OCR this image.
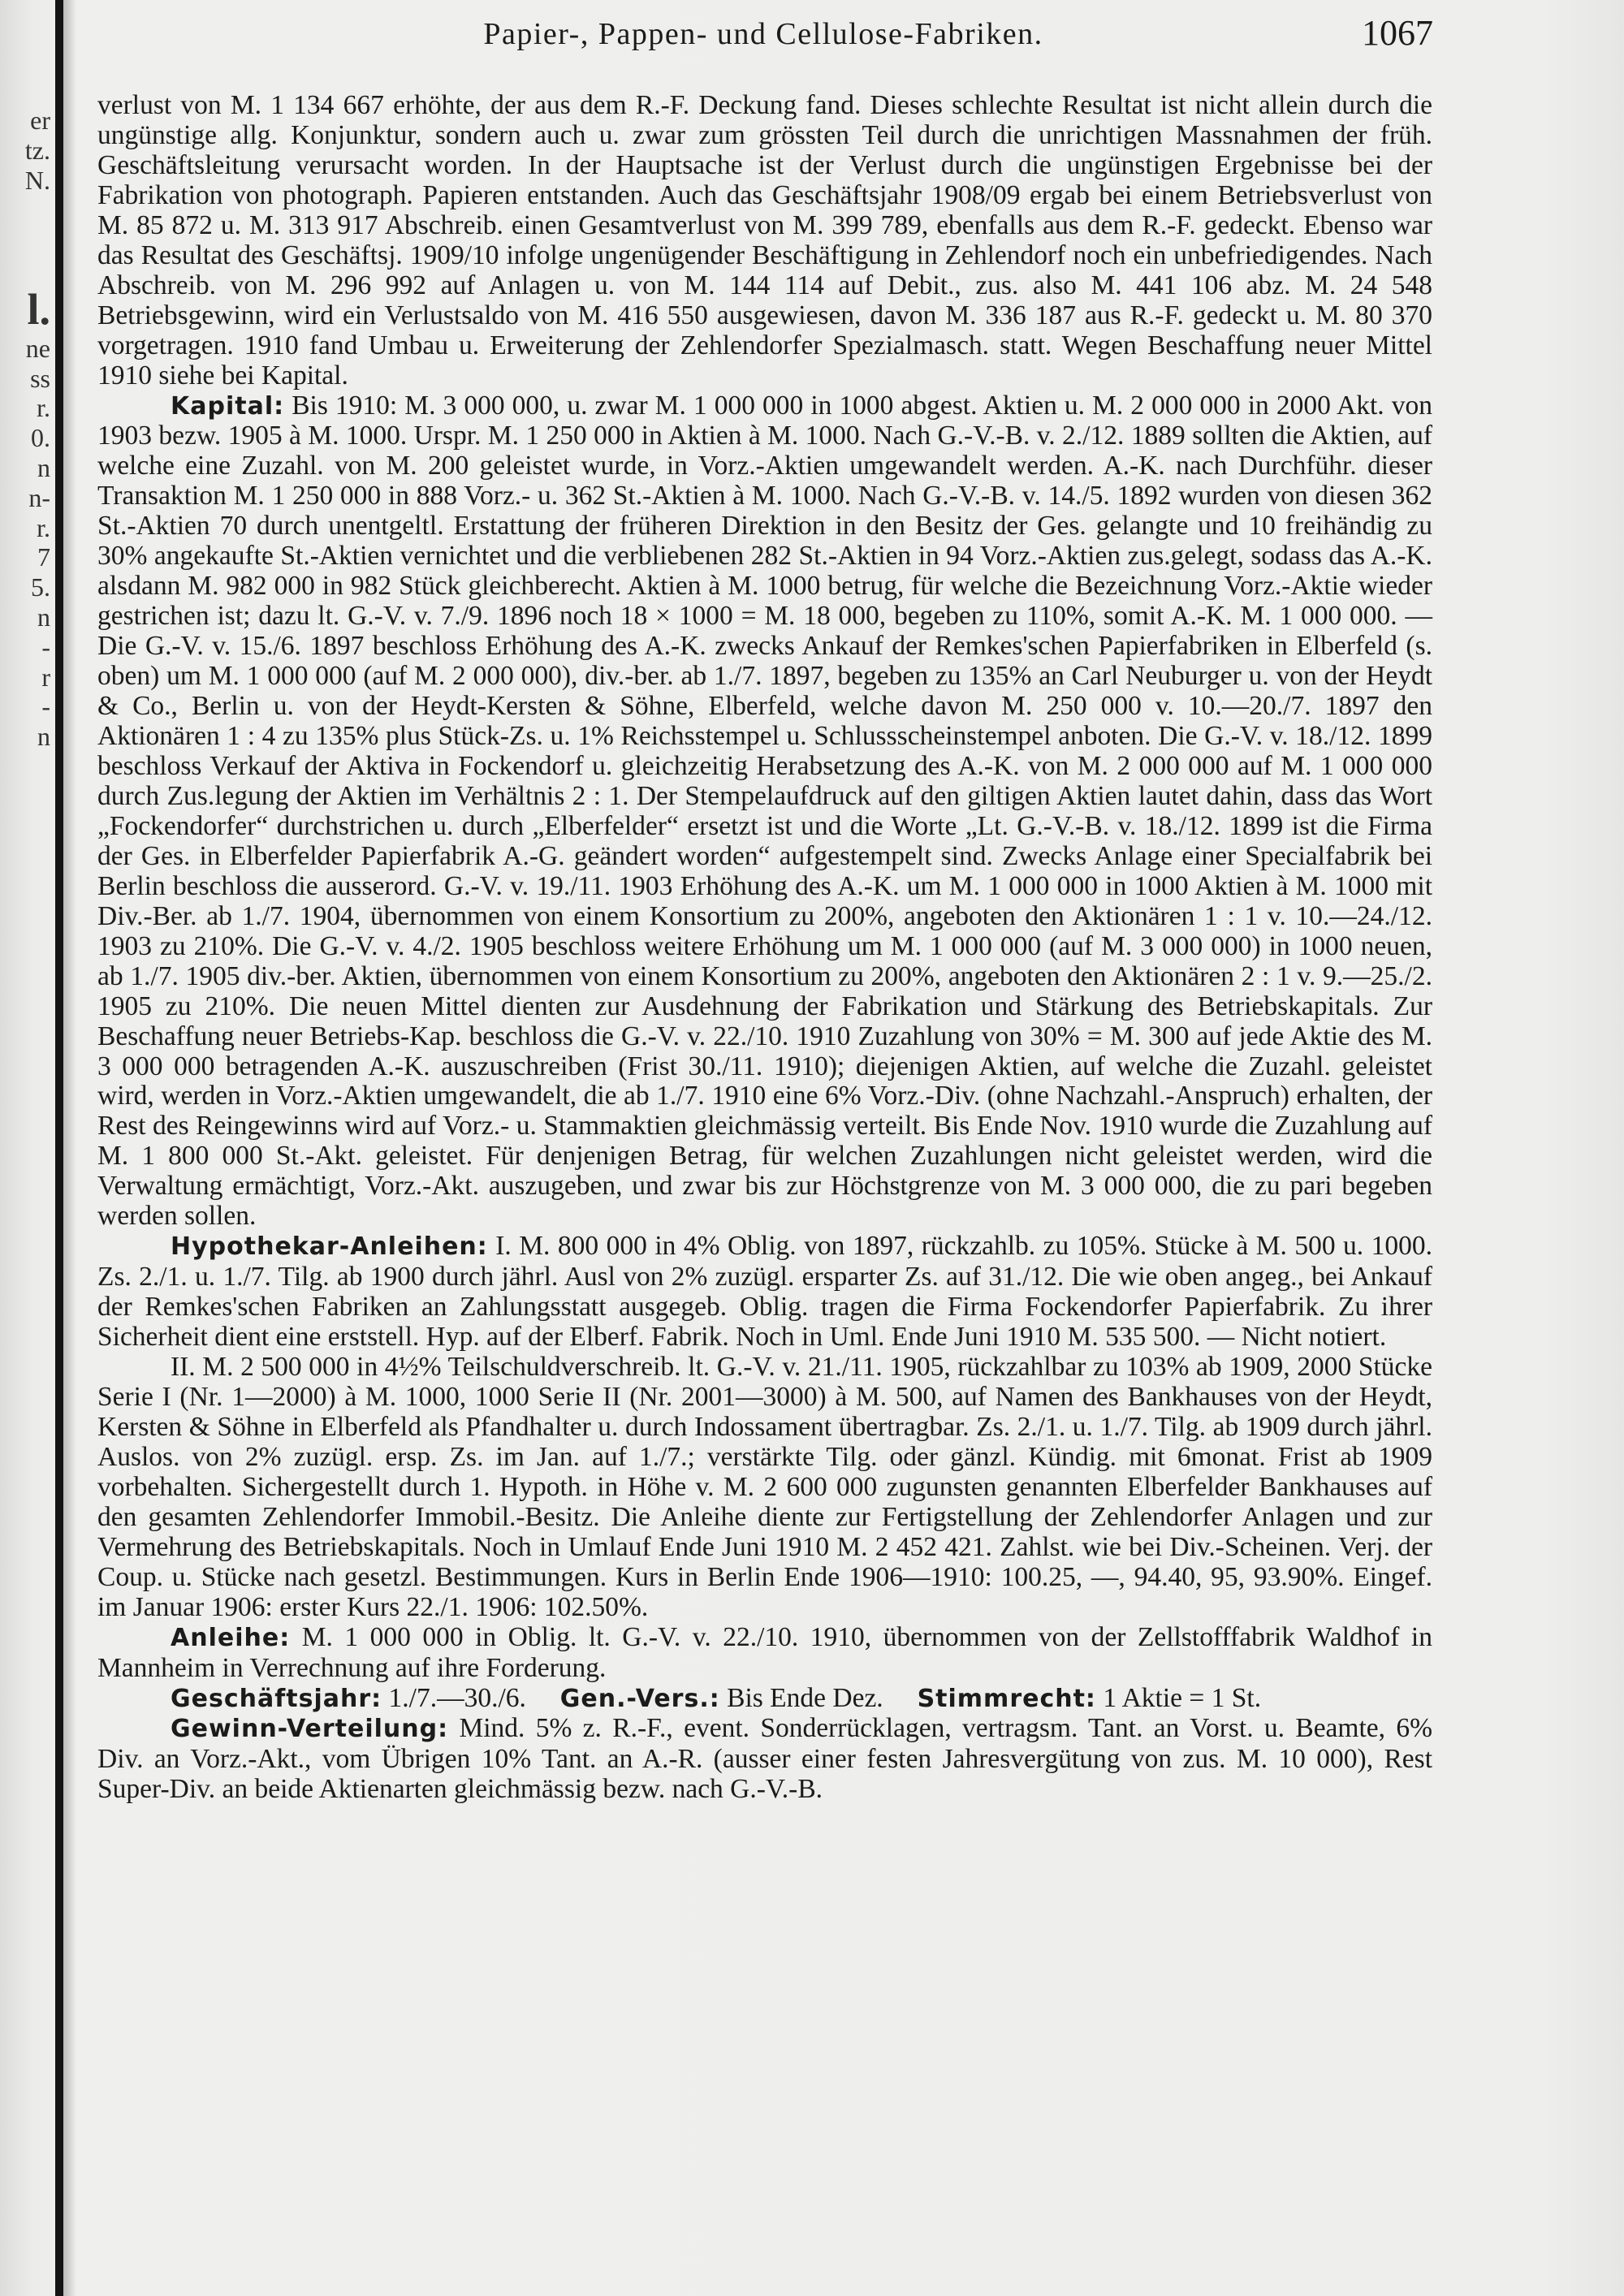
er
tz.
N.
l.
ne
ss
r.
0.
n
n-
r.
7
5.
n
-
r
-
n
Papier-, Pappen- und Cellulose-Fabriken.	1067

verlust von M. 1 134 667 erhöhte, der aus dem R.-F. Deckung fand. Dieses schlechte Resultat ist nicht allein durch die ungünstige allg. Konjunktur, sondern auch u. zwar zum grössten Teil durch die unrichtigen Massnahmen der früh. Geschäftsleitung verursacht worden. In der Hauptsache ist der Verlust durch die ungünstigen Ergebnisse bei der Fabrikation von photograph. Papieren entstanden. Auch das Geschäftsjahr 1908/09 ergab bei einem Betriebsverlust von M. 85 872 u. M. 313 917 Abschreib. einen Gesamtverlust von M. 399 789, ebenfalls aus dem R.-F. gedeckt. Ebenso war das Resultat des Geschäftsj. 1909/10 infolge ungenügender Beschäftigung in Zehlendorf noch ein unbefriedigendes. Nach Abschreib. von M. 296 992 auf Anlagen u. von M. 144 114 auf Debit., zus. also M. 441 106 abz. M. 24 548 Betriebsgewinn, wird ein Verlustsaldo von M. 416 550 ausgewiesen, davon M. 336 187 aus R.-F. gedeckt u. M. 80 370 vorgetragen. 1910 fand Umbau u. Erweiterung der Zehlendorfer Spezialmasch. statt. Wegen Beschaffung neuer Mittel 1910 siehe bei Kapital.

Kapital: Bis 1910: M. 3 000 000, u. zwar M. 1 000 000 in 1000 abgest. Aktien u. M. 2 000 000 in 2000 Akt. von 1903 bezw. 1905 à M. 1000. Urspr. M. 1 250 000 in Aktien à M. 1000. Nach G.-V.-B. v. 2./12. 1889 sollten die Aktien, auf welche eine Zuzahl. von M. 200 geleistet wurde, in Vorz.-Aktien umgewandelt werden. A.-K. nach Durchführ. dieser Transaktion M. 1 250 000 in 888 Vorz.- u. 362 St.-Aktien à M. 1000. Nach G.-V.-B. v. 14./5. 1892 wurden von diesen 362 St.-Aktien 70 durch unentgeltl. Erstattung der früheren Direktion in den Besitz der Ges. gelangte und 10 freihändig zu 30% angekaufte St.-Aktien vernichtet und die verbliebenen 282 St.-Aktien in 94 Vorz.-Aktien zus.gelegt, sodass das A.-K. alsdann M. 982 000 in 982 Stück gleichberecht. Aktien à M. 1000 betrug, für welche die Bezeichnung Vorz.-Aktie wieder gestrichen ist; dazu lt. G.-V. v. 7./9. 1896 noch 18 × 1000 = M. 18 000, begeben zu 110%, somit A.-K. M. 1 000 000. — Die G.-V. v. 15./6. 1897 beschloss Erhöhung des A.-K. zwecks Ankauf der Remkes'schen Papierfabriken in Elberfeld (s. oben) um M. 1 000 000 (auf M. 2 000 000), div.-ber. ab 1./7. 1897, begeben zu 135% an Carl Neuburger u. von der Heydt & Co., Berlin u. von der Heydt-Kersten & Söhne, Elberfeld, welche davon M. 250 000 v. 10.—20./7. 1897 den Aktionären 1 : 4 zu 135% plus Stück-Zs. u. 1% Reichsstempel u. Schlussscheinstempel anboten. Die G.-V. v. 18./12. 1899 beschloss Verkauf der Aktiva in Fockendorf u. gleichzeitig Herabsetzung des A.-K. von M. 2 000 000 auf M. 1 000 000 durch Zus.legung der Aktien im Verhältnis 2 : 1. Der Stempelaufdruck auf den giltigen Aktien lautet dahin, dass das Wort „Fockendorfer“ durchstrichen u. durch „Elberfelder“ ersetzt ist und die Worte „Lt. G.-V.-B. v. 18./12. 1899 ist die Firma der Ges. in Elberfelder Papierfabrik A.-G. geändert worden“ aufgestempelt sind. Zwecks Anlage einer Specialfabrik bei Berlin beschloss die ausserord. G.-V. v. 19./11. 1903 Erhöhung des A.-K. um M. 1 000 000 in 1000 Aktien à M. 1000 mit Div.-Ber. ab 1./7. 1904, übernommen von einem Konsortium zu 200%, angeboten den Aktionären 1 : 1 v. 10.—24./12. 1903 zu 210%. Die G.-V. v. 4./2. 1905 beschloss weitere Erhöhung um M. 1 000 000 (auf M. 3 000 000) in 1000 neuen, ab 1./7. 1905 div.-ber. Aktien, übernommen von einem Konsortium zu 200%, angeboten den Aktionären 2 : 1 v. 9.—25./2. 1905 zu 210%. Die neuen Mittel dienten zur Ausdehnung der Fabrikation und Stärkung des Betriebskapitals. Zur Beschaffung neuer Betriebs-Kap. beschloss die G.-V. v. 22./10. 1910 Zuzahlung von 30% = M. 300 auf jede Aktie des M. 3 000 000 betragenden A.-K. auszuschreiben (Frist 30./11. 1910); diejenigen Aktien, auf welche die Zuzahl. geleistet wird, werden in Vorz.-Aktien umgewandelt, die ab 1./7. 1910 eine 6% Vorz.-Div. (ohne Nachzahl.-Anspruch) erhalten, der Rest des Reingewinns wird auf Vorz.- u. Stammaktien gleichmässig verteilt. Bis Ende Nov. 1910 wurde die Zuzahlung auf M. 1 800 000 St.-Akt. geleistet. Für denjenigen Betrag, für welchen Zuzahlungen nicht geleistet werden, wird die Verwaltung ermächtigt, Vorz.-Akt. auszugeben, und zwar bis zur Höchstgrenze von M. 3 000 000, die zu pari begeben werden sollen.

Hypothekar-Anleihen: I. M. 800 000 in 4% Oblig. von 1897, rückzahlb. zu 105%. Stücke à M. 500 u. 1000. Zs. 2./1. u. 1./7. Tilg. ab 1900 durch jährl. Ausl von 2% zuzügl. ersparter Zs. auf 31./12. Die wie oben angeg., bei Ankauf der Remkes'schen Fabriken an Zahlungsstatt ausgegeb. Oblig. tragen die Firma Fockendorfer Papierfabrik. Zu ihrer Sicherheit dient eine erststell. Hyp. auf der Elberf. Fabrik. Noch in Uml. Ende Juni 1910 M. 535 500. — Nicht notiert.

II. M. 2 500 000 in 4½% Teilschuldverschreib. lt. G.-V. v. 21./11. 1905, rückzahlbar zu 103% ab 1909, 2000 Stücke Serie I (Nr. 1—2000) à M. 1000, 1000 Serie II (Nr. 2001—3000) à M. 500, auf Namen des Bankhauses von der Heydt, Kersten & Söhne in Elberfeld als Pfandhalter u. durch Indossament übertragbar. Zs. 2./1. u. 1./7. Tilg. ab 1909 durch jährl. Auslos. von 2% zuzügl. ersp. Zs. im Jan. auf 1./7.; verstärkte Tilg. oder gänzl. Kündig. mit 6monat. Frist ab 1909 vorbehalten. Sichergestellt durch 1. Hypoth. in Höhe v. M. 2 600 000 zugunsten genannten Elberfelder Bankhauses auf den gesamten Zehlendorfer Immobil.-Besitz. Die Anleihe diente zur Fertigstellung der Zehlendorfer Anlagen und zur Vermehrung des Betriebskapitals. Noch in Umlauf Ende Juni 1910 M. 2 452 421. Zahlst. wie bei Div.-Scheinen. Verj. der Coup. u. Stücke nach gesetzl. Bestimmungen. Kurs in Berlin Ende 1906—1910: 100.25, —, 94.40, 95, 93.90%. Eingef. im Januar 1906: erster Kurs 22./1. 1906: 102.50%.

Anleihe: M. 1 000 000 in Oblig. lt. G.-V. v. 22./10. 1910, übernommen von der Zellstofffabrik Waldhof in Mannheim in Verrechnung auf ihre Forderung.

Geschäftsjahr: 1./7.—30./6. Gen.-Vers.: Bis Ende Dez. Stimmrecht: 1 Aktie = 1 St.

Gewinn-Verteilung: Mind. 5% z. R.-F., event. Sonderrücklagen, vertragsm. Tant. an Vorst. u. Beamte, 6% Div. an Vorz.-Akt., vom Übrigen 10% Tant. an A.-R. (ausser einer festen Jahresvergütung von zus. M. 10 000), Rest Super-Div. an beide Aktienarten gleichmässig bezw. nach G.-V.-B.
